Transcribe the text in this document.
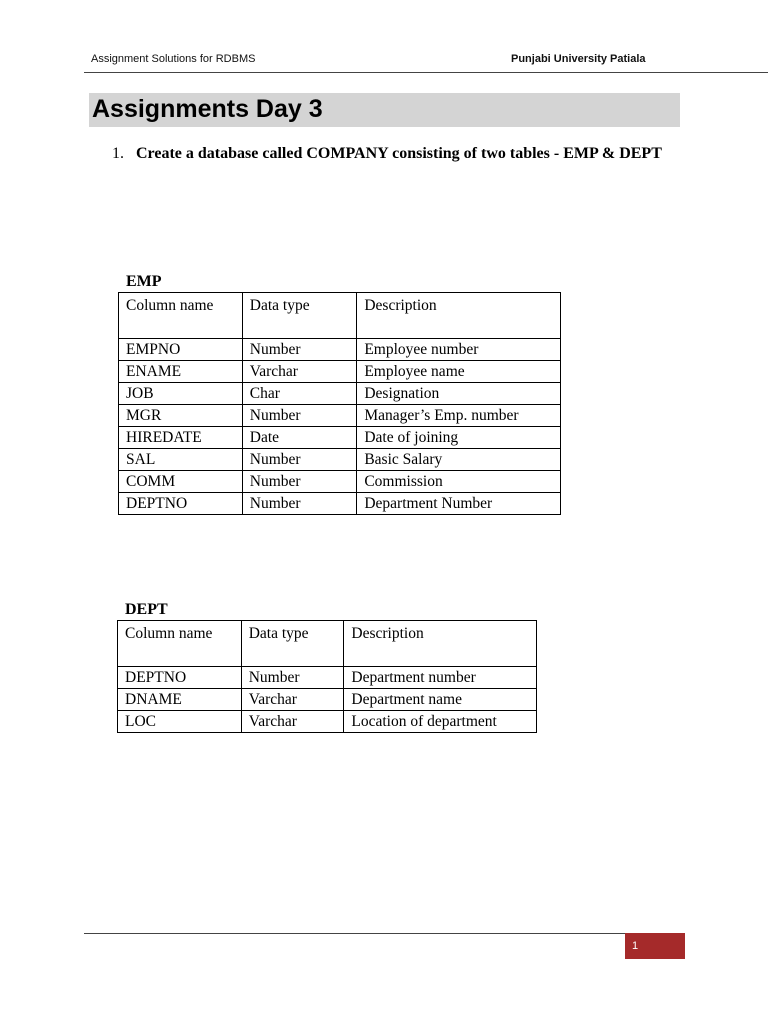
Assignment Solutions for RDBMS	Punjabi University Patiala
Assignments Day 3
1. Create a database called COMPANY consisting of two tables - EMP & DEPT
EMP
Column name	Data type	Description
EMPNO	Number	Employee number
ENAME	Varchar	Employee name
JOB	Char	Designation
MGR	Number	Manager’s Emp. number
HIREDATE	Date	Date of joining
SAL	Number	Basic Salary
COMM	Number	Commission
DEPTNO	Number	Department Number
DEPT
Column name	Data type	Description
DEPTNO	Number	Department number
DNAME	Varchar	Department name
LOC	Varchar	Location of department
1
